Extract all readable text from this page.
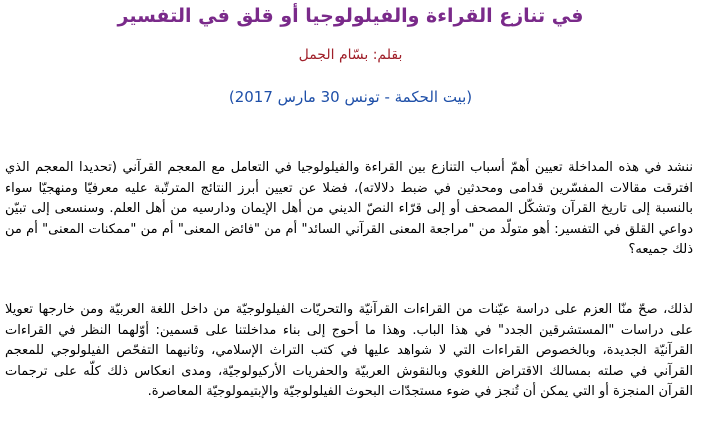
في تنازع القراءة والفيلولوجيا أو قلق في التفسير
بقلم: بسّام الجمل
(بيت الحكمة - تونس 30 مارس 2017)
ننشد في هذه المداخلة تعيين أهمّ أسباب التنازع بين القراءة والفيلولوجيا في التعامل مع المعجم القرآني (تحديدا المعجم الذي افترقت مقالات المفسّرين قدامى ومحدثين في ضبط دلالاته)، فضلا عن تعيين أبرز النتائج المترتّبة عليه معرفيّا ومنهجيّا سواء بالنسبة إلى تاريخ القرآن وتشكّل المصحف أو إلى قرّاء النصّ الديني من أهل الإيمان ودارسيه من أهل العلم. وسنسعى إلى تبيّن دواعي القلق في التفسير: أهو متولّد من "مراجعة المعنى القرآني السائد" أم من "فائض المعنى" أم من "ممكنات المعنى" أم من ذلك جميعه؟
لذلك، صحّ منّا العزم على دراسة عيّنات من القراءات القرآنيّة والتحريّات الفيلولوجيّة من داخل اللغة العربيّة ومن خارجها تعويلا على دراسات "المستشرقين الجدد" في هذا الباب. وهذا ما أحوج إلى بناء مداخلتنا على قسمين: أوّلهما النظر في القراءات القرآنيّة الجديدة، وبالخصوص القراءات التي لا شواهد عليها في كتب التراث الإسلامي، وثانيهما التفحّص الفيلولوجي للمعجم القرآني في صلته بمسالك الاقتراض اللغوي وبالنقوش العربيّة والحفريات الأركيولوجيّة، ومدى انعكاس ذلك كلّه على ترجمات القرآن المنجزة أو التي يمكن أن تُنجز في ضوء مستجدّات البحوث الفيلولوجيّة والإبتيمولوجيّة المعاصرة.
